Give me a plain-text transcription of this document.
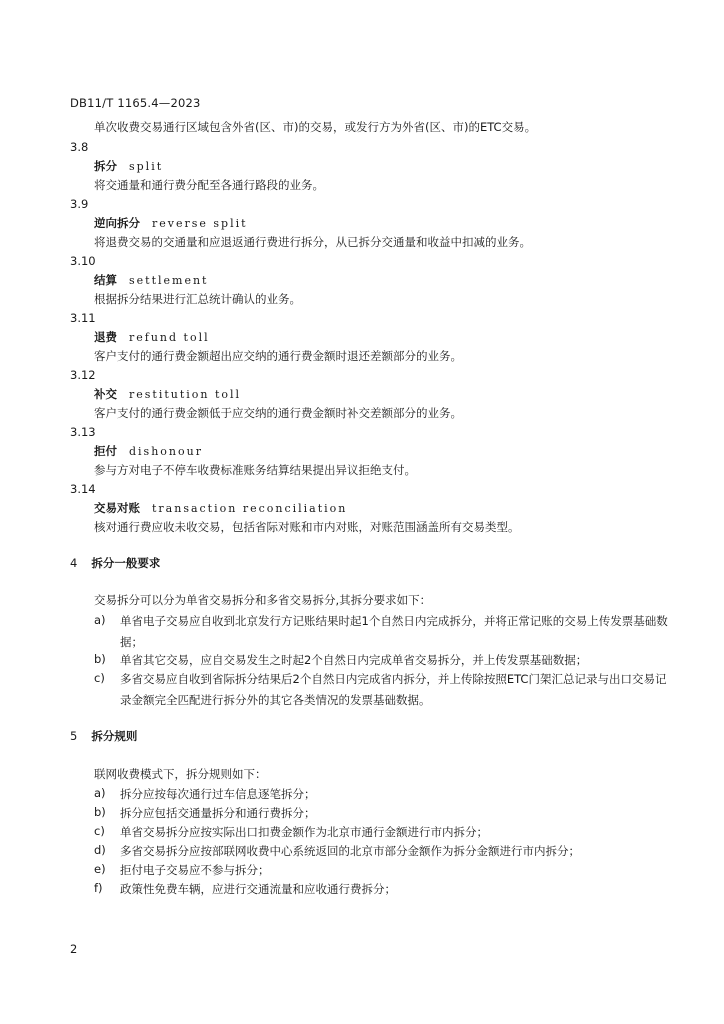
DB11/T 1165.4—2023
单次收费交易通行区域包含外省(区、市)的交易，或发行方为外省(区、市)的ETC交易。
3.8
拆分 split
将交通量和通行费分配至各通行路段的业务。
3.9
逆向拆分 reverse split
将退费交易的交通量和应退返通行费进行拆分，从已拆分交通量和收益中扣减的业务。
3.10
结算 settlement
根据拆分结果进行汇总统计确认的业务。
3.11
退费 refund toll
客户支付的通行费金额超出应交纳的通行费金额时退还差额部分的业务。
3.12
补交 restitution toll
客户支付的通行费金额低于应交纳的通行费金额时补交差额部分的业务。
3.13
拒付 dishonour
参与方对电子不停车收费标准账务结算结果提出异议拒绝支付。
3.14
交易对账 transaction reconciliation
核对通行费应收未收交易，包括省际对账和市内对账，对账范围涵盖所有交易类型。
4 拆分一般要求
交易拆分可以分为单省交易拆分和多省交易拆分,其拆分要求如下：
a) 单省电子交易应自收到北京发行方记账结果时起1个自然日内完成拆分，并将正常记账的交易上传发票基础数据；
b) 单省其它交易，应自交易发生之时起2个自然日内完成单省交易拆分，并上传发票基础数据；
c) 多省交易应自收到省际拆分结果后2个自然日内完成省内拆分，并上传除按照ETC门架汇总记录与出口交易记录金额完全匹配进行拆分外的其它各类情况的发票基础数据。
5 拆分规则
联网收费模式下，拆分规则如下：
a) 拆分应按每次通行过车信息逐笔拆分；
b) 拆分应包括交通量拆分和通行费拆分；
c) 单省交易拆分应按实际出口扣费金额作为北京市通行金额进行市内拆分；
d) 多省交易拆分应按部联网收费中心系统返回的北京市部分金额作为拆分金额进行市内拆分；
e) 拒付电子交易应不参与拆分；
f) 政策性免费车辆，应进行交通流量和应收通行费拆分；
2
